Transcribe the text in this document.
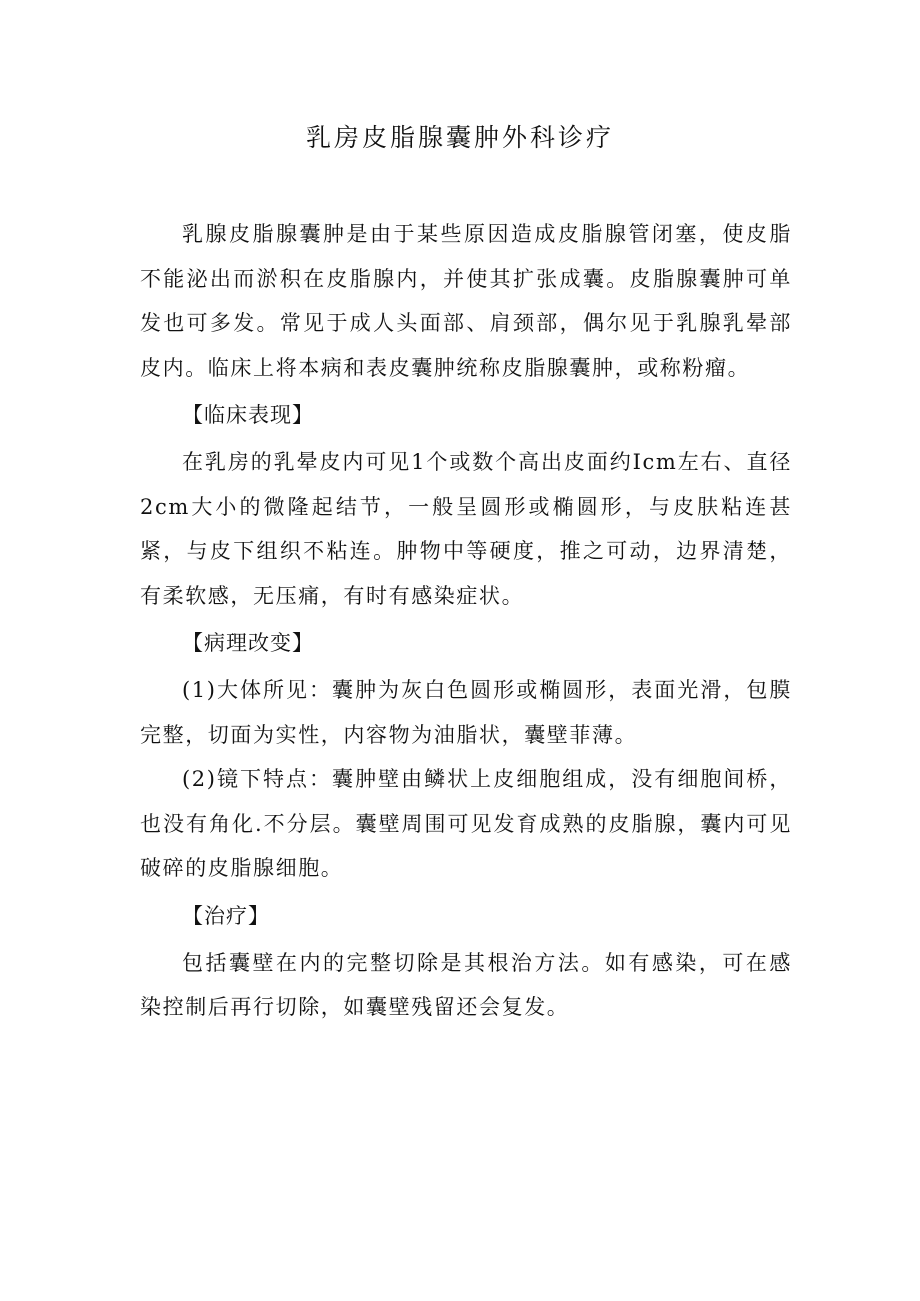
乳房皮脂腺囊肿外科诊疗

乳腺皮脂腺囊肿是由于某些原因造成皮脂腺管闭塞，使皮脂不能泌出而淤积在皮脂腺内，并使其扩张成囊。皮脂腺囊肿可单发也可多发。常见于成人头面部、肩颈部，偶尔见于乳腺乳晕部皮内。临床上将本病和表皮囊肿统称皮脂腺囊肿，或称粉瘤。

【临床表现】

在乳房的乳晕皮内可见1个或数个高出皮面约Icm左右、直径2cm大小的微隆起结节，一般呈圆形或椭圆形，与皮肤粘连甚紧，与皮下组织不粘连。肿物中等硬度，推之可动，边界清楚，有柔软感，无压痛，有时有感染症状。

【病理改变】

(1)大体所见：囊肿为灰白色圆形或椭圆形，表面光滑，包膜完整，切面为实性，内容物为油脂状，囊壁菲薄。

(2)镜下特点：囊肿壁由鳞状上皮细胞组成，没有细胞间桥，也没有角化.不分层。囊壁周围可见发育成熟的皮脂腺，囊内可见破碎的皮脂腺细胞。

【治疗】

包括囊壁在内的完整切除是其根治方法。如有感染，可在感染控制后再行切除，如囊壁残留还会复发。
